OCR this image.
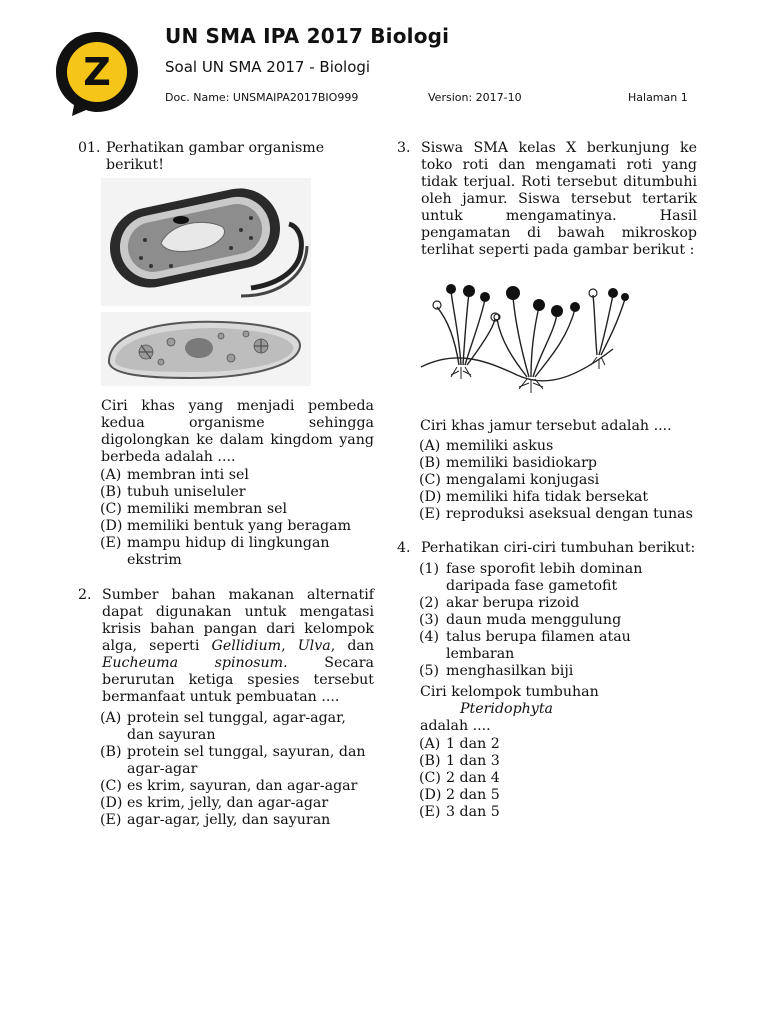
Z
UN SMA IPA 2017 Biologi
Soal UN SMA 2017 - Biologi
Doc. Name: UNSMAIPA2017BIO999	Version: 2017-10	Halaman 1
01. Perhatikan gambar organisme berikut!
Ciri khas yang menjadi pembeda kedua organisme sehingga digolongkan ke dalam kingdom yang berbeda adalah ....
(A) membran inti sel
(B) tubuh uniseluler
(C) memiliki membran sel
(D) memiliki bentuk yang beragam
(E) mampu hidup di lingkungan ekstrim
2. Sumber bahan makanan alternatif dapat digunakan untuk mengatasi krisis bahan pangan dari kelompok alga, seperti Gellidium, Ulva, dan Eucheuma spinosum. Secara berurutan ketiga spesies tersebut bermanfaat untuk pembuatan ....
(A) protein sel tunggal, agar-agar, dan sayuran
(B) protein sel tunggal, sayuran, dan agar-agar
(C) es krim, sayuran, dan agar-agar
(D) es krim, jelly, dan agar-agar
(E) agar-agar, jelly, dan sayuran
3. Siswa SMA kelas X berkunjung ke toko roti dan mengamati roti yang tidak terjual. Roti tersebut ditumbuhi oleh jamur. Siswa tersebut tertarik untuk mengamatinya. Hasil pengamatan di bawah mikroskop terlihat seperti pada gambar berikut :
Ciri khas jamur tersebut adalah ....
(A) memiliki askus
(B) memiliki basidiokarp
(C) mengalami konjugasi
(D) memiliki hifa tidak bersekat
(E) reproduksi aseksual dengan tunas
4. Perhatikan ciri-ciri tumbuhan berikut:
(1) fase sporofit lebih dominan daripada fase gametofit
(2) akar berupa rizoid
(3) daun muda menggulung
(4) talus berupa filamen atau lembaran
(5) menghasilkan biji
Ciri kelompok tumbuhan
Pteridophyta
adalah ....
(A) 1 dan 2
(B) 1 dan 3
(C) 2 dan 4
(D) 2 dan 5
(E) 3 dan 5
